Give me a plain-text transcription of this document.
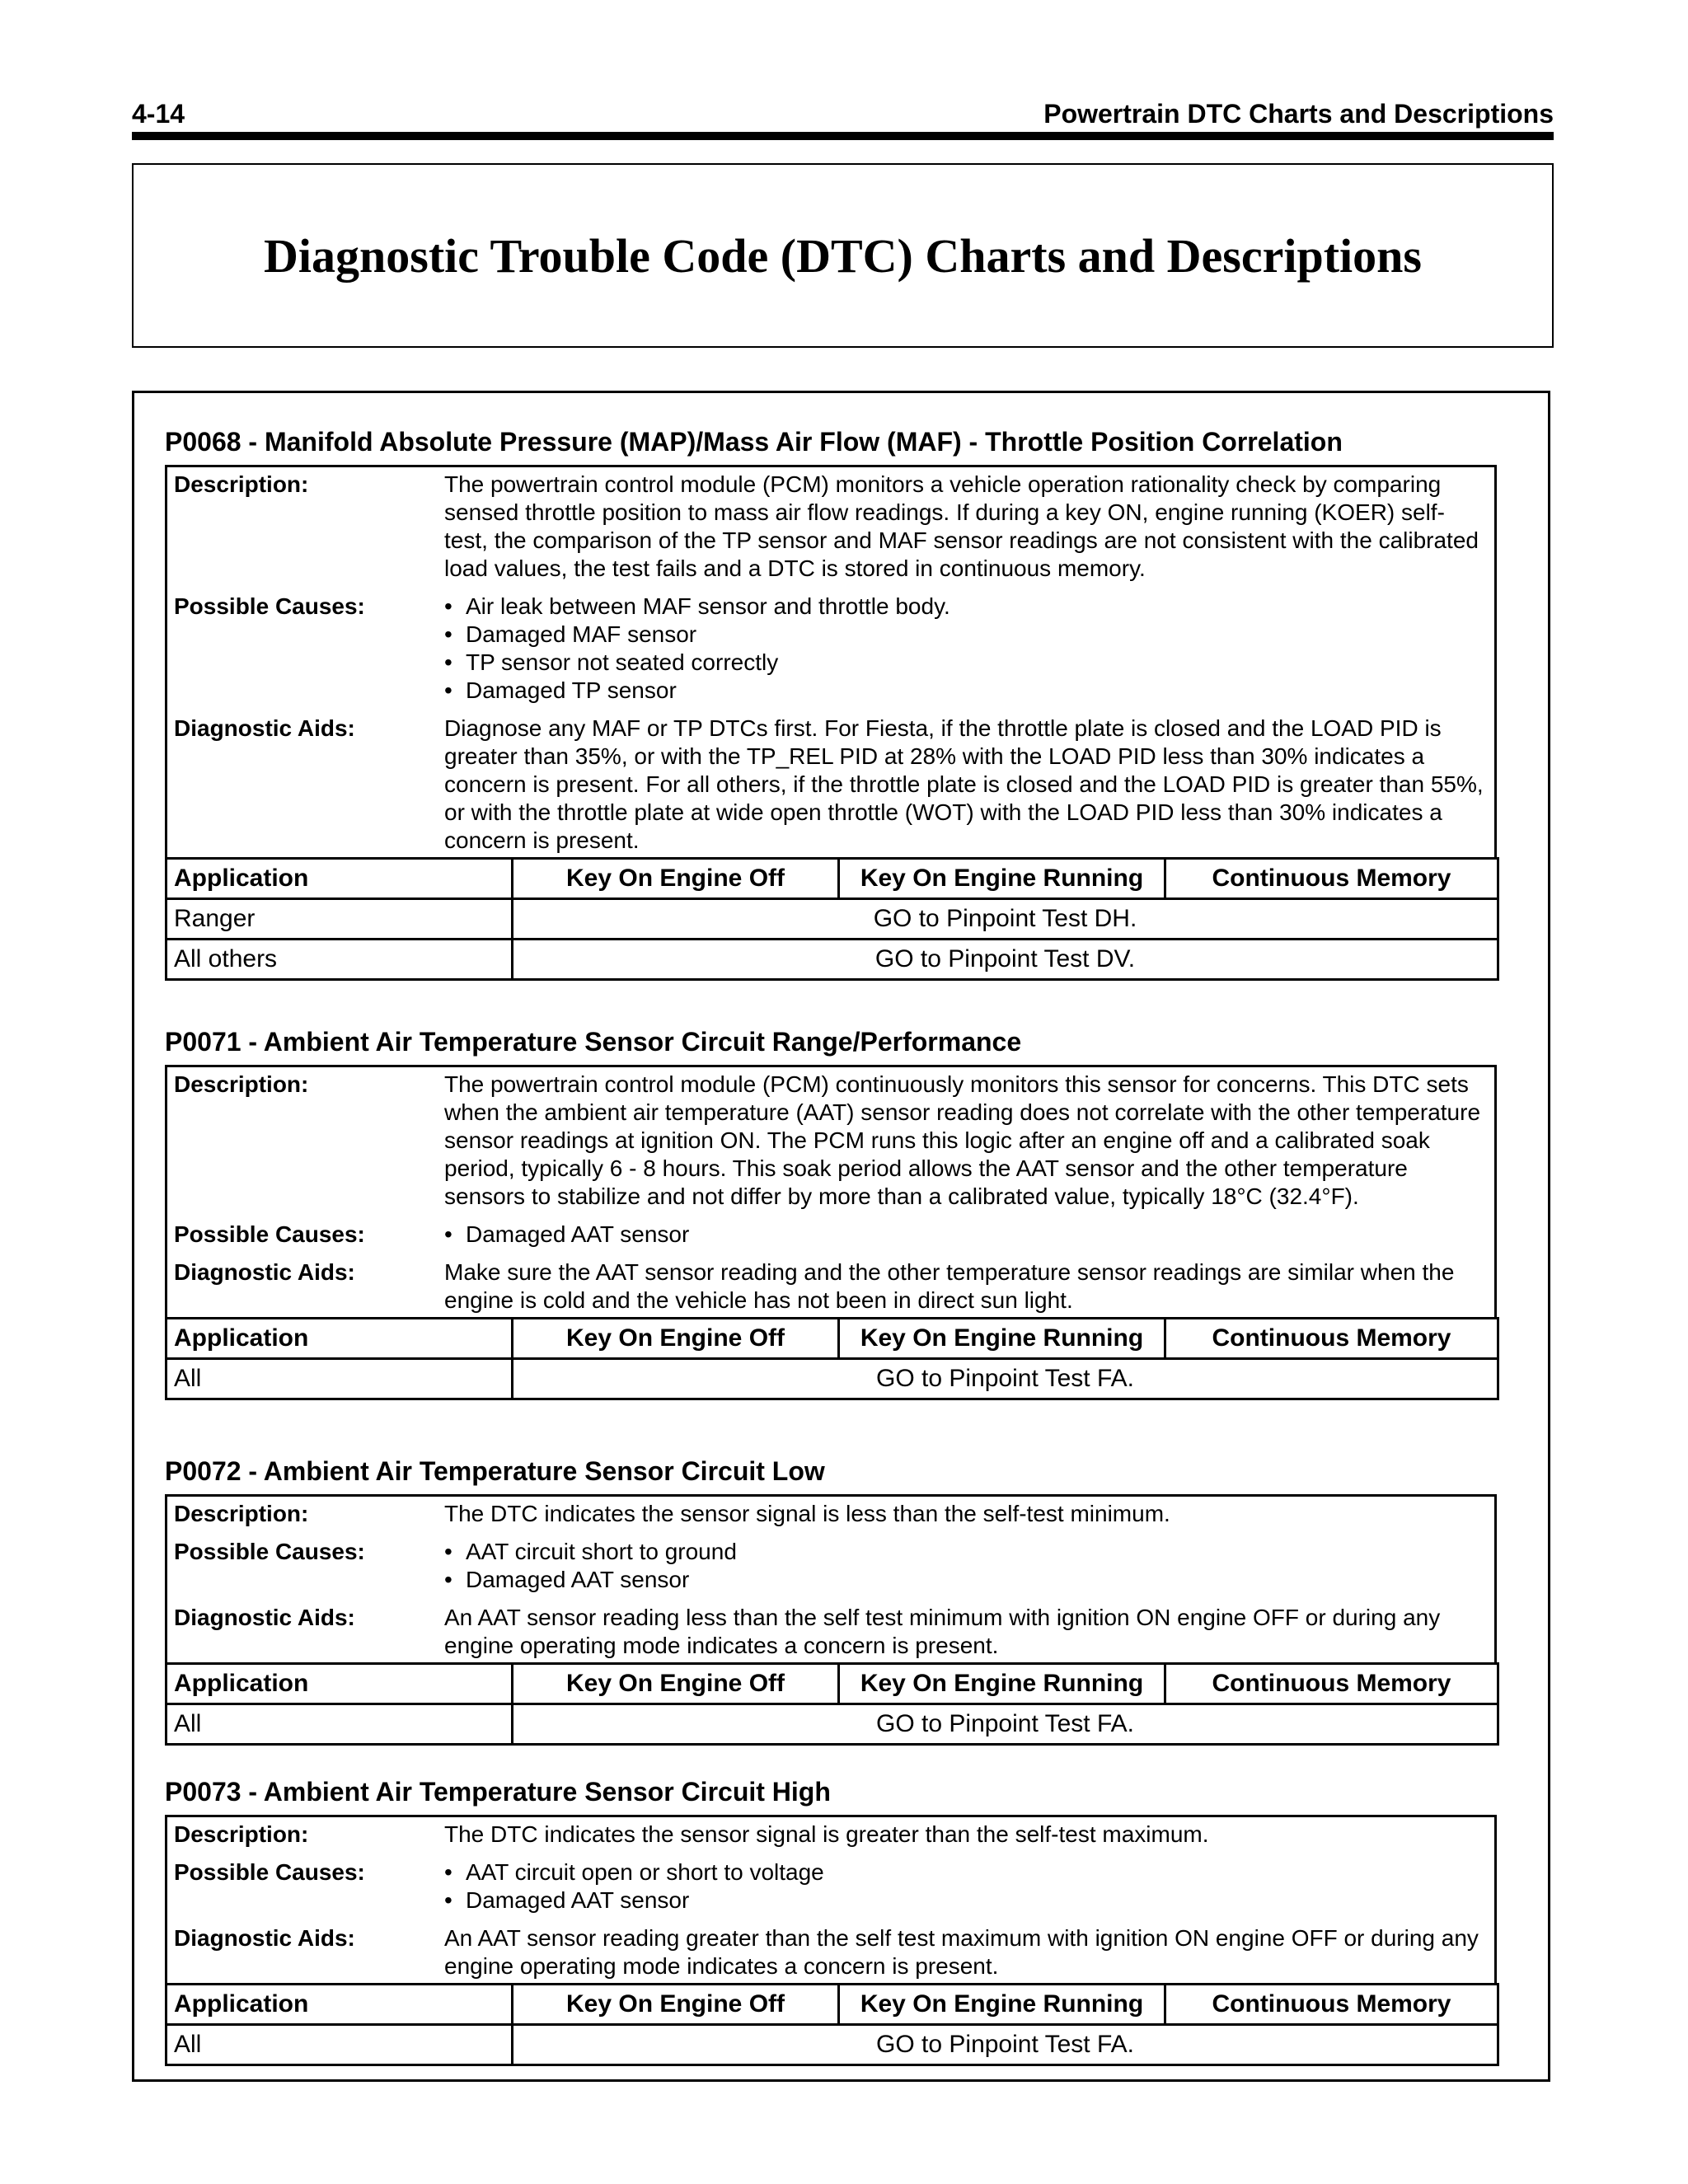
4-14	Powertrain DTC Charts and Descriptions
Diagnostic Trouble Code (DTC) Charts and Descriptions
P0068 - Manifold Absolute Pressure (MAP)/Mass Air Flow (MAF) - Throttle Position Correlation
Description:	The powertrain control module (PCM) monitors a vehicle operation rationality check by comparing sensed throttle position to mass air flow readings. If during a key ON, engine running (KOER) self-test, the comparison of the TP sensor and MAF sensor readings are not consistent with the calibrated load values, the test fails and a DTC is stored in continuous memory.
Possible Causes:	• Air leak between MAF sensor and throttle body.
• Damaged MAF sensor
• TP sensor not seated correctly
• Damaged TP sensor
Diagnostic Aids:	Diagnose any MAF or TP DTCs first. For Fiesta, if the throttle plate is closed and the LOAD PID is greater than 35%, or with the TP_REL PID at 28% with the LOAD PID less than 30% indicates a concern is present. For all others, if the throttle plate is closed and the LOAD PID is greater than 55%, or with the throttle plate at wide open throttle (WOT) with the LOAD PID less than 30% indicates a concern is present.
Application	Key On Engine Off	Key On Engine Running	Continuous Memory
Ranger	GO to Pinpoint Test DH.		
All others	GO to Pinpoint Test DV.		
P0071 - Ambient Air Temperature Sensor Circuit Range/Performance
Description:	The powertrain control module (PCM) continuously monitors this sensor for concerns. This DTC sets when the ambient air temperature (AAT) sensor reading does not correlate with the other temperature sensor readings at ignition ON. The PCM runs this logic after an engine off and a calibrated soak period, typically 6 - 8 hours. This soak period allows the AAT sensor and the other temperature sensors to stabilize and not differ by more than a calibrated value, typically 18°C (32.4°F).
Possible Causes:	• Damaged AAT sensor
Diagnostic Aids:	Make sure the AAT sensor reading and the other temperature sensor readings are similar when the engine is cold and the vehicle has not been in direct sun light.
Application	Key On Engine Off	Key On Engine Running	Continuous Memory
All	GO to Pinpoint Test FA.		
P0072 - Ambient Air Temperature Sensor Circuit Low
Description:	The DTC indicates the sensor signal is less than the self-test minimum.
Possible Causes:	• AAT circuit short to ground
• Damaged AAT sensor
Diagnostic Aids:	An AAT sensor reading less than the self test minimum with ignition ON engine OFF or during any engine operating mode indicates a concern is present.
Application	Key On Engine Off	Key On Engine Running	Continuous Memory
All	GO to Pinpoint Test FA.		
P0073 - Ambient Air Temperature Sensor Circuit High
Description:	The DTC indicates the sensor signal is greater than the self-test maximum.
Possible Causes:	• AAT circuit open or short to voltage
• Damaged AAT sensor
Diagnostic Aids:	An AAT sensor reading greater than the self test maximum with ignition ON engine OFF or during any engine operating mode indicates a concern is present.
Application	Key On Engine Off	Key On Engine Running	Continuous Memory
All	GO to Pinpoint Test FA.		
